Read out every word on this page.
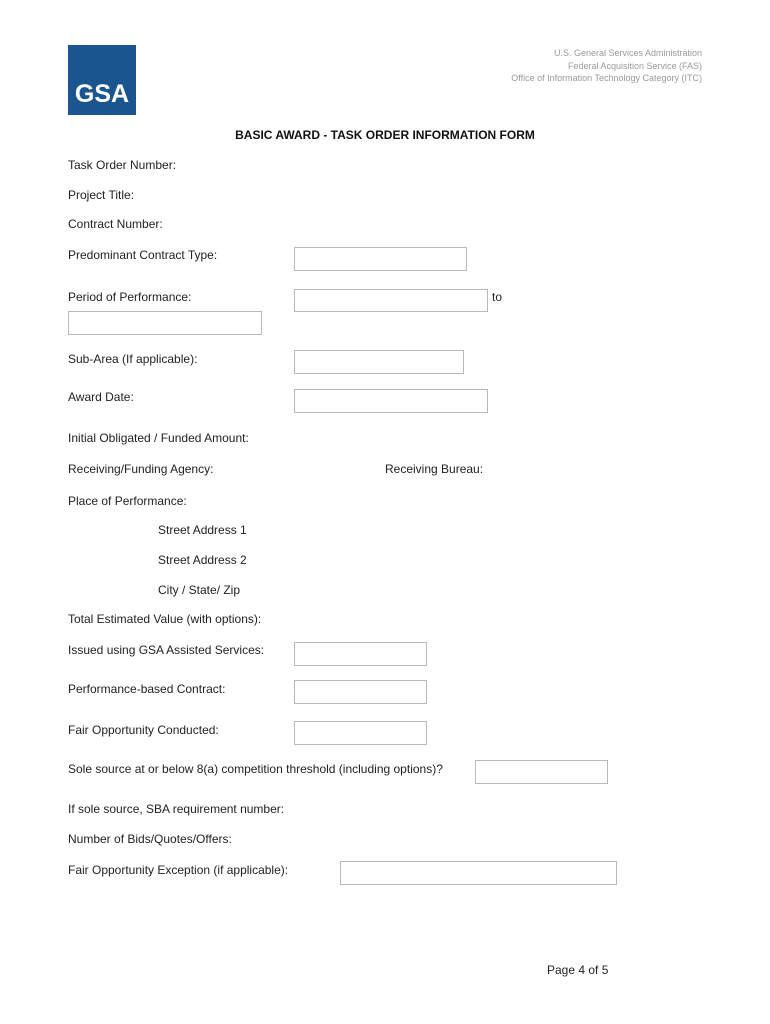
GSA
U.S. General Services Administration
Federal Acquisition Service (FAS)
Office of Information Technology Category (ITC)
BASIC AWARD - TASK ORDER INFORMATION FORM
Task Order Number:
Project Title:
Contract Number:
Predominant Contract Type:
Period of Performance:	to
Sub-Area (If applicable):
Award Date:
Initial Obligated / Funded Amount:
Receiving/Funding Agency:	Receiving Bureau:
Place of Performance:
Street Address 1
Street Address 2
City / State/ Zip
Total Estimated Value (with options):
Issued using GSA Assisted Services:
Performance-based Contract:
Fair Opportunity Conducted:
Sole source at or below 8(a) competition threshold (including options)?
If sole source, SBA requirement number:
Number of Bids/Quotes/Offers:
Fair Opportunity Exception (if applicable):
Page 4 of 5
